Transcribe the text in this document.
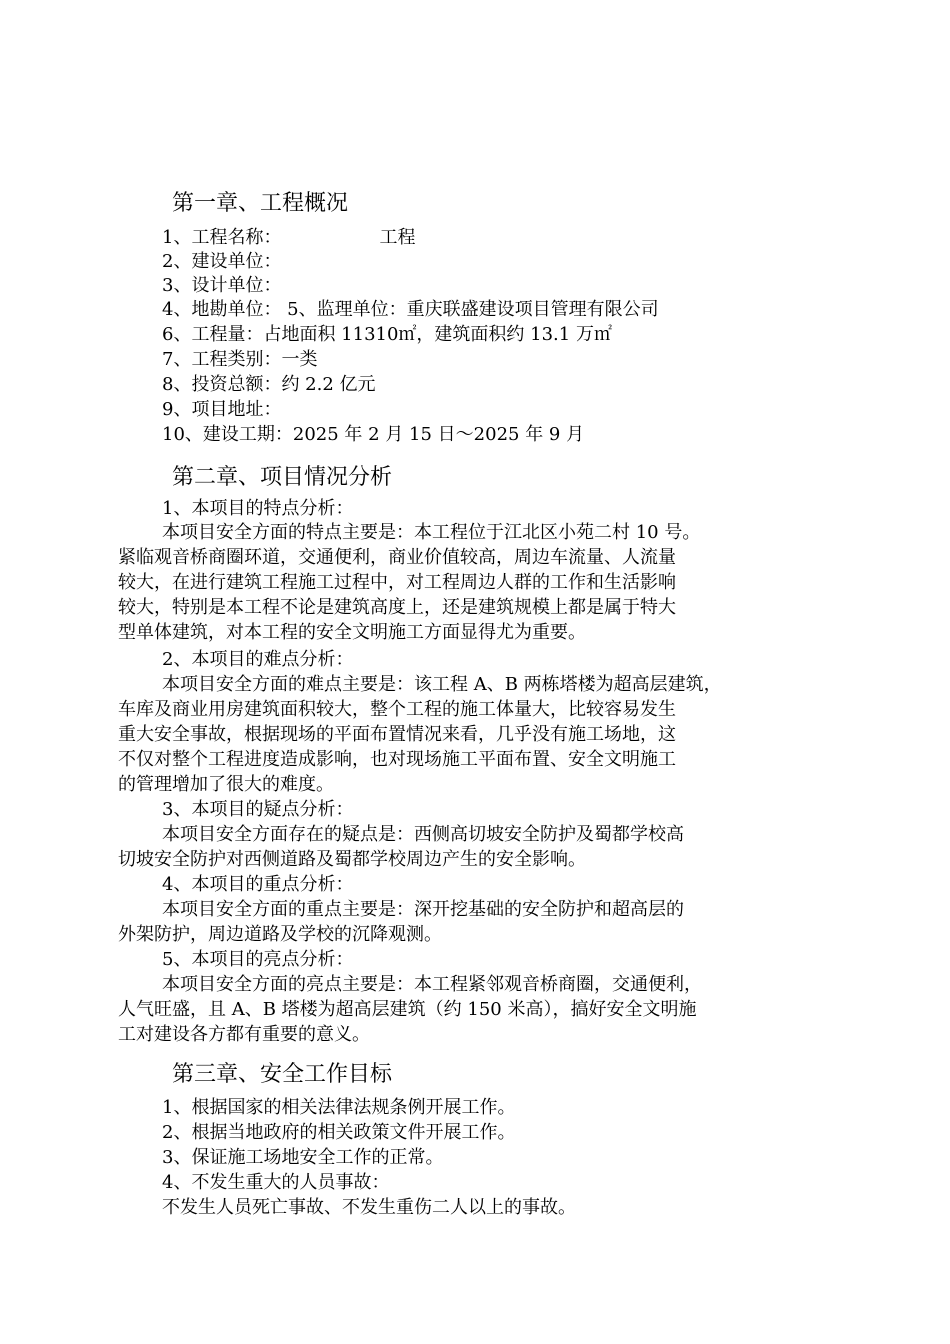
第一章、工程概况
1、工程名称：	工程
2、建设单位：
3、设计单位：
4、地勘单位： 5、监理单位：重庆联盛建设项目管理有限公司
6、工程量：占地面积 11310㎡，建筑面积约 13.1 万㎡
7、工程类别：一类
8、投资总额：约 2.2 亿元
9、项目地址：
10、建设工期：2025 年 2 月 15 日～2025 年 9 月
第二章、项目情况分析
1、本项目的特点分析：
本项目安全方面的特点主要是：本工程位于江北区小苑二村 10 号。
紧临观音桥商圈环道，交通便利，商业价值较高，周边车流量、人流量
较大，在进行建筑工程施工过程中，对工程周边人群的工作和生活影响
较大，特别是本工程不论是建筑高度上，还是建筑规模上都是属于特大
型单体建筑，对本工程的安全文明施工方面显得尤为重要。
2、本项目的难点分析：
本项目安全方面的难点主要是：该工程 A、B 两栋塔楼为超高层建筑，
车库及商业用房建筑面积较大，整个工程的施工体量大，比较容易发生
重大安全事故，根据现场的平面布置情况来看，几乎没有施工场地，这
不仅对整个工程进度造成影响，也对现场施工平面布置、安全文明施工
的管理增加了很大的难度。
3、本项目的疑点分析：
本项目安全方面存在的疑点是：西侧高切坡安全防护及蜀都学校高
切坡安全防护对西侧道路及蜀都学校周边产生的安全影响。
4、本项目的重点分析：
本项目安全方面的重点主要是：深开挖基础的安全防护和超高层的
外架防护，周边道路及学校的沉降观测。
5、本项目的亮点分析：
本项目安全方面的亮点主要是：本工程紧邻观音桥商圈，交通便利，
人气旺盛，且 A、B 塔楼为超高层建筑（约 150 米高），搞好安全文明施
工对建设各方都有重要的意义。
第三章、安全工作目标
1、根据国家的相关法律法规条例开展工作。
2、根据当地政府的相关政策文件开展工作。
3、保证施工场地安全工作的正常。
4、不发生重大的人员事故：
不发生人员死亡事故、不发生重伤二人以上的事故。
